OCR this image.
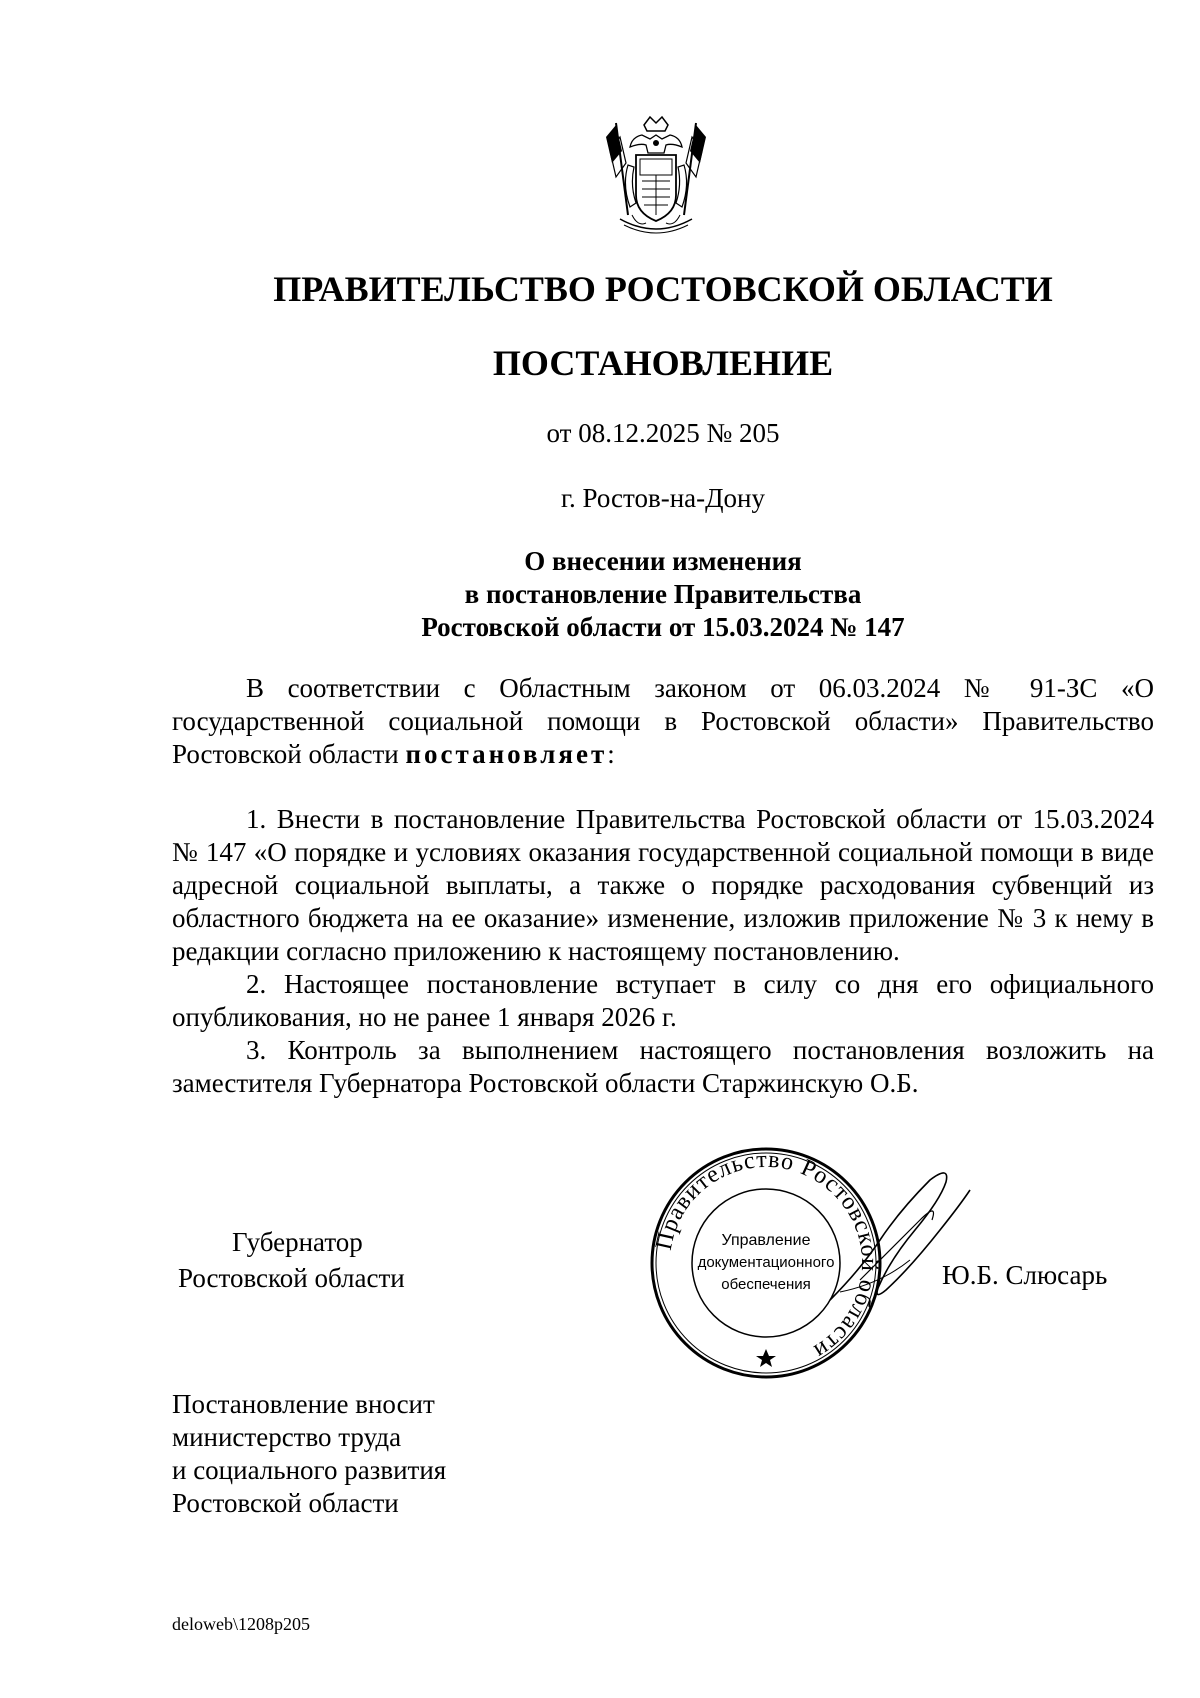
ПРАВИТЕЛЬСТВО РОСТОВСКОЙ ОБЛАСТИ
ПОСТАНОВЛЕНИЕ
от 08.12.2025 № 205
г. Ростов-на-Дону
О внесении изменения
в постановление Правительства
Ростовской области от 15.03.2024 № 147

В соответствии с Областным законом от 06.03.2024 № 91-ЗС «О государственной социальной помощи в Ростовской области» Правительство Ростовской области постановляет:

1. Внести в постановление Правительства Ростовской области от 15.03.2024 № 147 «О порядке и условиях оказания государственной социальной помощи в виде адресной социальной выплаты, а также о порядке расходования субвенций из областного бюджета на ее оказание» изменение, изложив приложение № 3 к нему в редакции согласно приложению к настоящему постановлению.

2. Настоящее постановление вступает в силу со дня его официального опубликования, но не ранее 1 января 2026 г.

3. Контроль за выполнением настоящего постановления возложить на заместителя Губернатора Ростовской области Старжинскую О.Б.

Губернатор
Ростовской области
Правительство Ростовской области
Управление
документационного
обеспечения	Ю.Б. Слюсарь
Постановление вносит
министерство труда
и социального развития
Ростовской области
deloweb\1208p205
